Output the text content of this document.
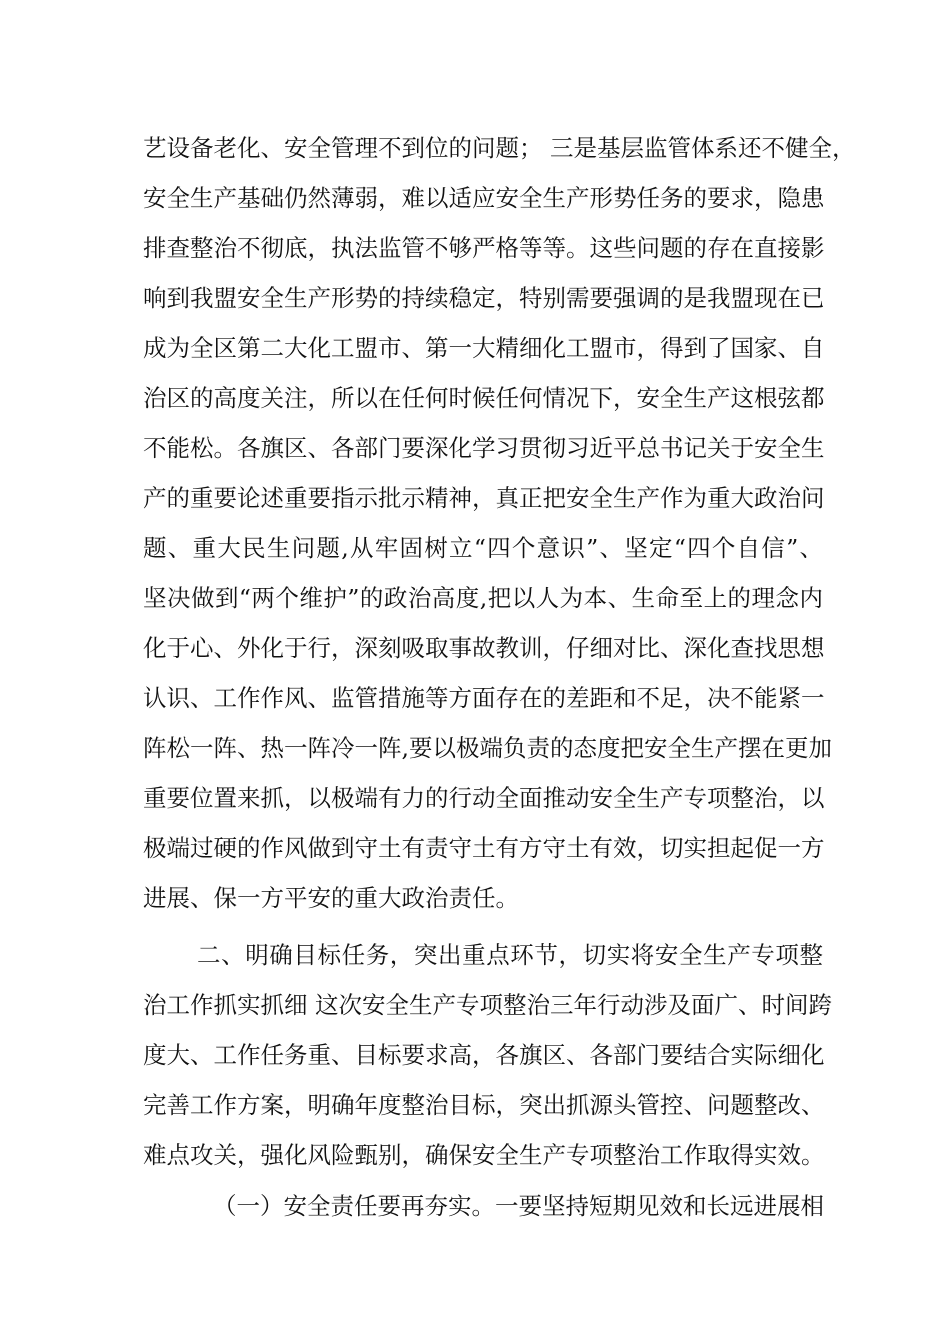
艺设备老化、安全管理不到位的问题； 三是基层监管体系还不健全，
安全生产基础仍然薄弱，难以适应安全生产形势任务的要求，隐患
排查整治不彻底，执法监管不够严格等等。这些问题的存在直接影
响到我盟安全生产形势的持续稳定，特别需要强调的是我盟现在已
成为全区第二大化工盟市、第一大精细化工盟市，得到了国家、自
治区的高度关注，所以在任何时候任何情况下，安全生产这根弦都
不能松。各旗区、各部门要深化学习贯彻习近平总书记关于安全生
产的重要论述重要指示批示精神，真正把安全生产作为重大政治问
题、重大民生问题,从牢固树立“四个意识”、坚定“四个自信”、
坚决做到“两个维护”的政治高度,把以人为本、生命至上的理念内
化于心、外化于行，深刻吸取事故教训，仔细对比、深化查找思想
认识、工作作风、监管措施等方面存在的差距和不足，决不能紧一
阵松一阵、热一阵冷一阵,要以极端负责的态度把安全生产摆在更加
重要位置来抓，以极端有力的行动全面推动安全生产专项整治，以
极端过硬的作风做到守土有责守土有方守土有效，切实担起促一方
进展、保一方平安的重大政治责任。
二、明确目标任务，突出重点环节，切实将安全生产专项整
治工作抓实抓细 这次安全生产专项整治三年行动涉及面广、时间跨
度大、工作任务重、目标要求高，各旗区、各部门要结合实际细化
完善工作方案，明确年度整治目标，突出抓源头管控、问题整改、
难点攻关，强化风险甄别，确保安全生产专项整治工作取得实效。
（一）安全责任要再夯实。一要坚持短期见效和长远进展相
